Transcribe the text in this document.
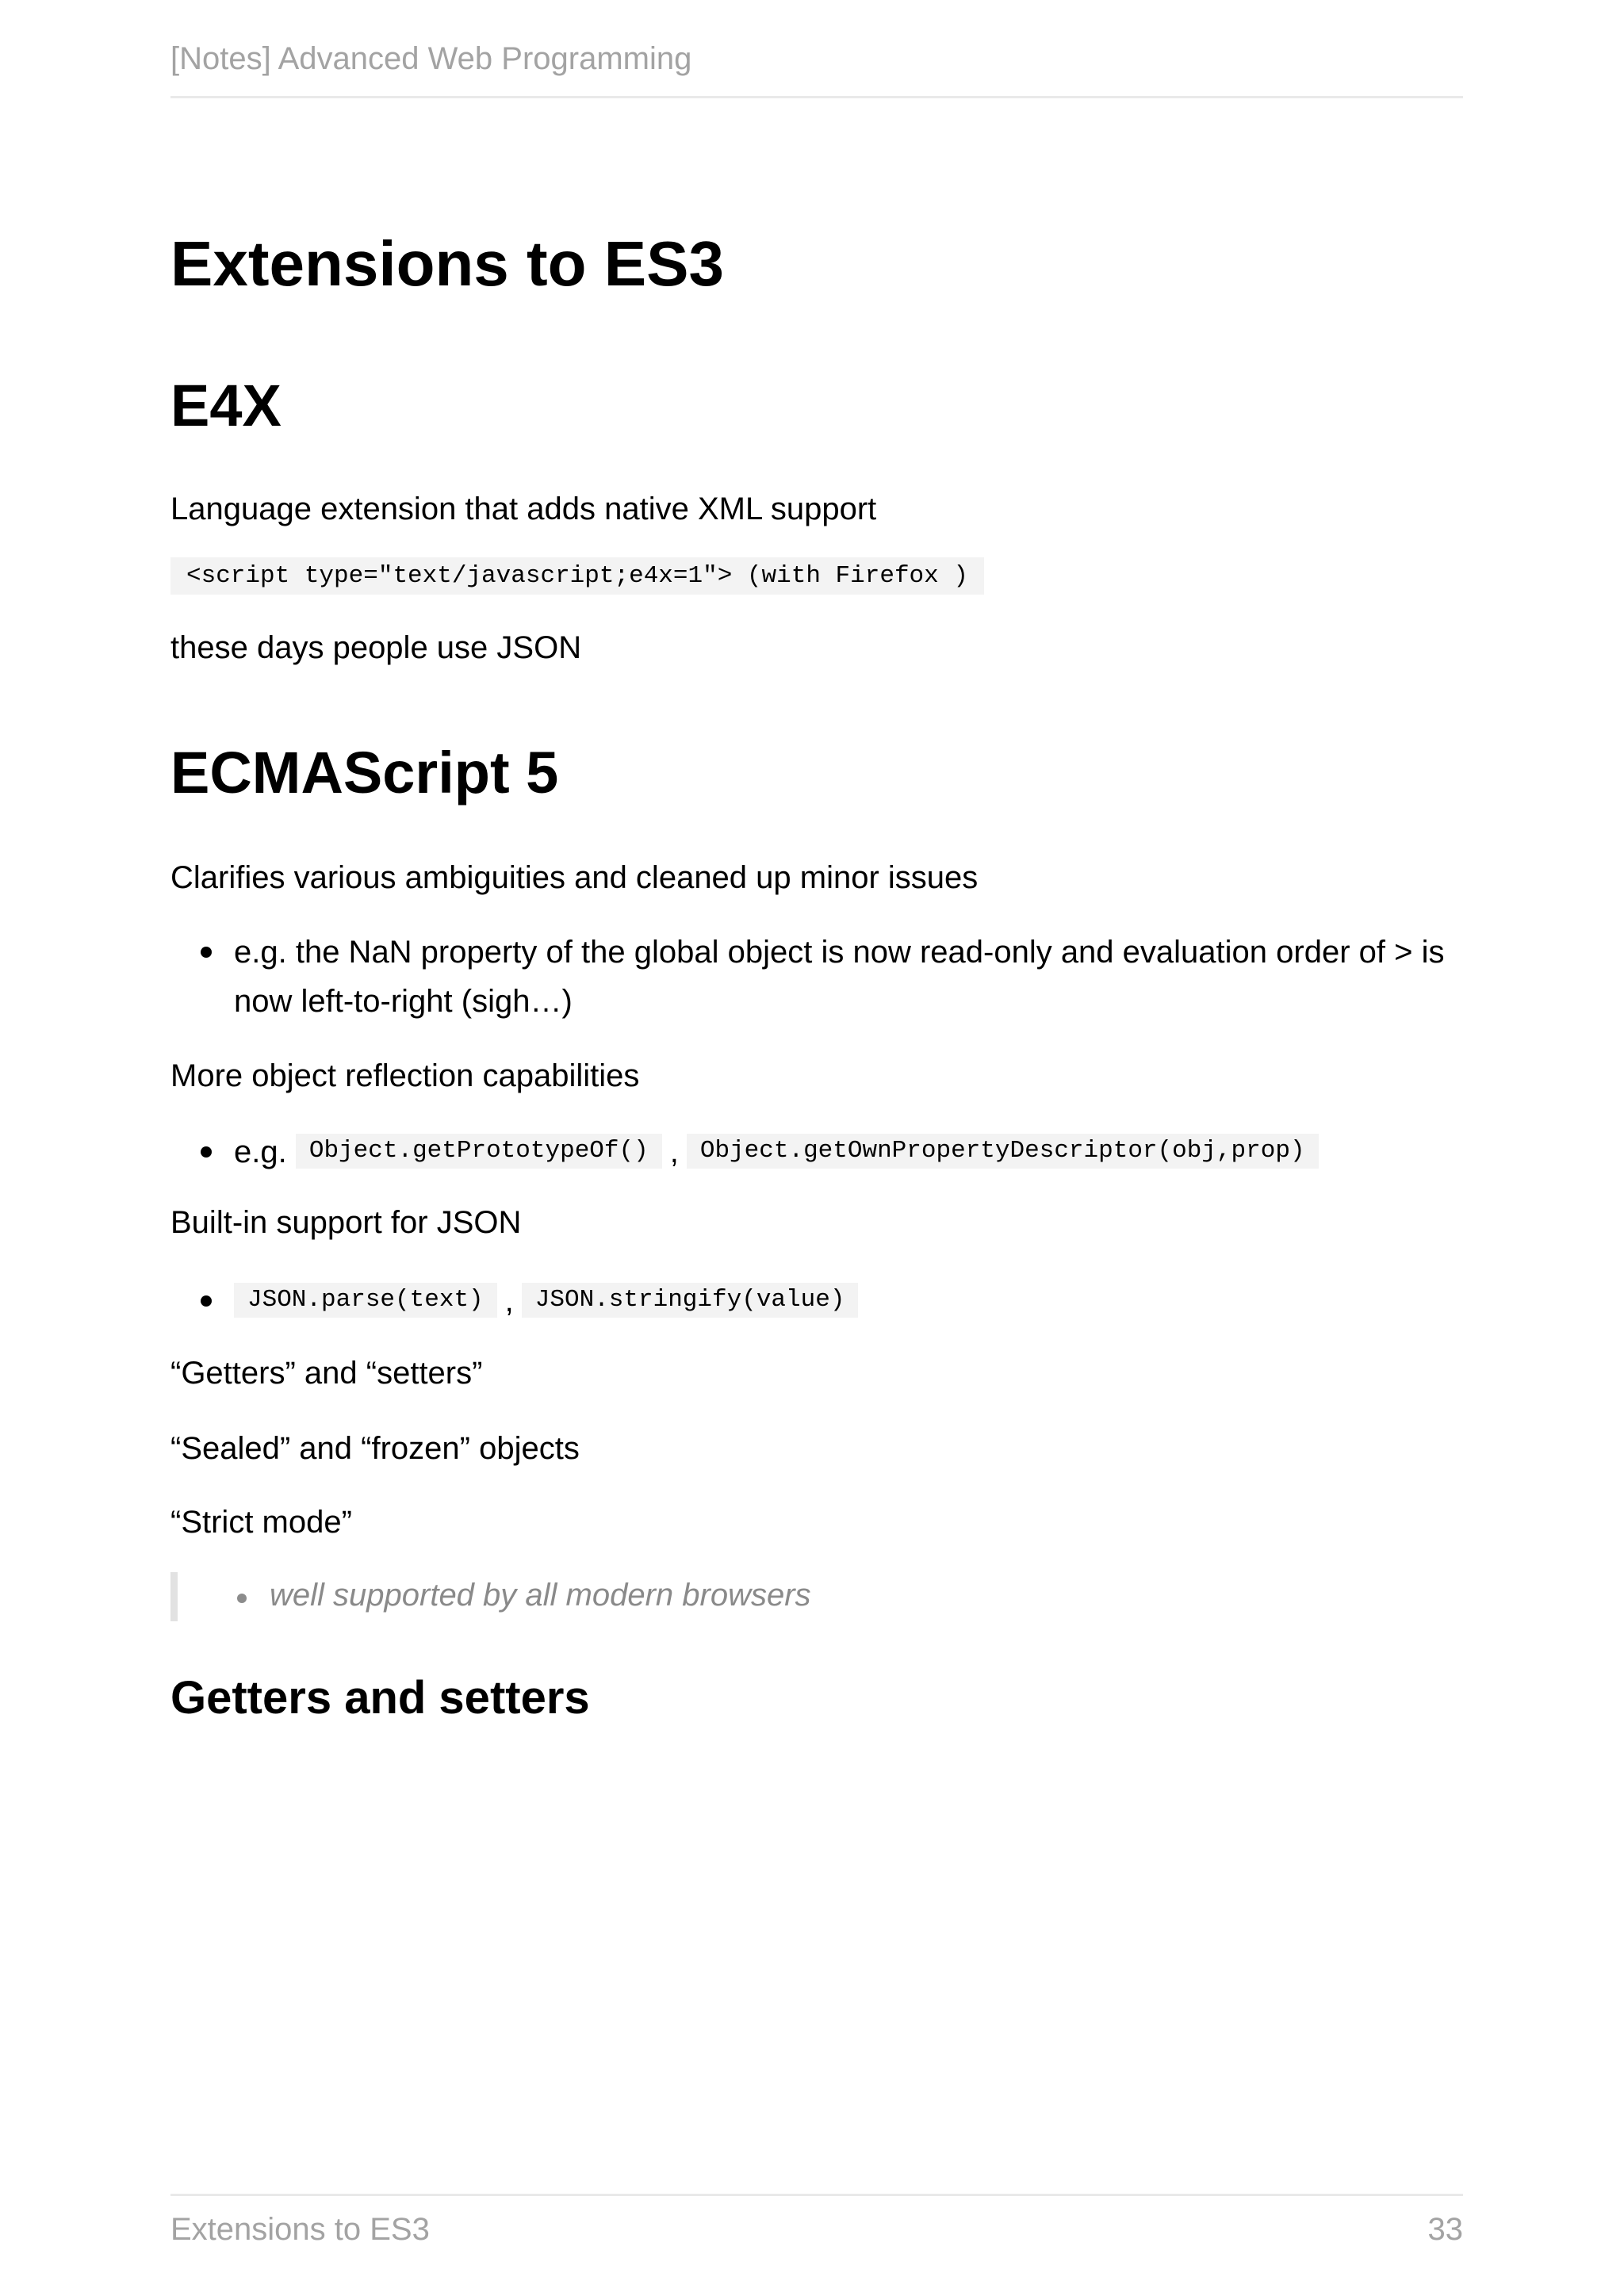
[Notes] Advanced Web Programming
Extensions to ES3
E4X

Language extension that adds native XML support

<script type="text/javascript;e4x=1"> (with Firefox )

these days people use JSON

ECMAScript 5

Clarifies various ambiguities and cleaned up minor issues

e.g. the NaN property of the global object is now read-only and evaluation order of > is now left-to-right (sigh…)

More object reflection capabilities

e.g. Object.getPrototypeOf() , Object.getOwnPropertyDescriptor(obj,prop)

Built-in support for JSON

JSON.parse(text) , JSON.stringify(value)

“Getters” and “setters”

“Sealed” and “frozen” objects

“Strict mode”

well supported by all modern browsers
Getters and setters
Extensions to ES3	33
